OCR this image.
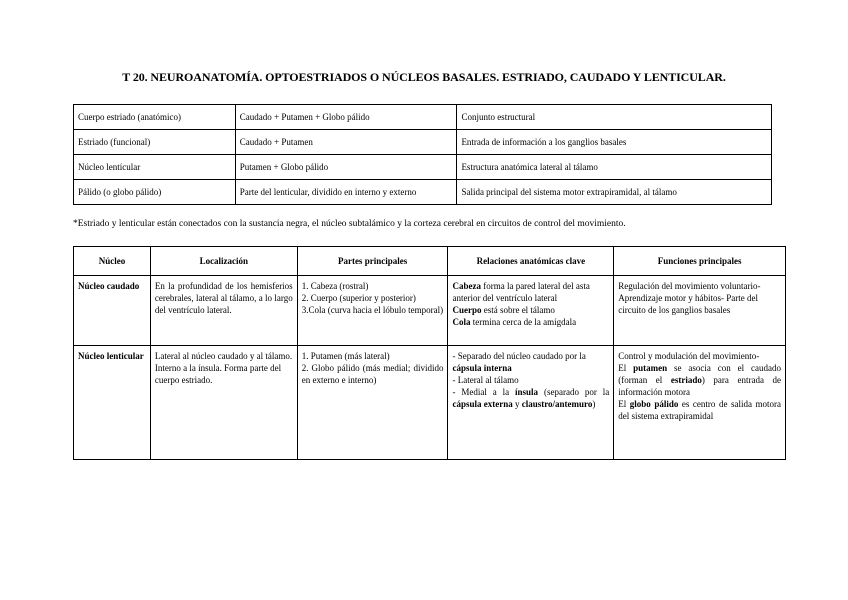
T 20. NEUROANATOMÍA. OPTOESTRIADOS O NÚCLEOS BASALES. ESTRIADO, CAUDADO Y LENTICULAR.
Cuerpo estriado (anatómico)	Caudado + Putamen + Globo pálido	Conjunto estructural
Estriado (funcional)	Caudado + Putamen	Entrada de información a los ganglios basales
Núcleo lentícular	Putamen + Globo pálido	Estructura anatómica lateral al tálamo
Pálido (o globo pálido)	Parte del lenticular, dividido en interno y externo	Salida principal del sistema motor extrapiramidal, al tálamo
*Estriado y lenticular están conectados con la sustancia negra, el núcleo subtalámico y la corteza cerebral en circuitos de control del movimiento.
Núcleo	Localización	Partes principales	Relaciones anatómicas clave	Funciones principales
Núcleo caudado	En la profundidad de los hemisferios cerebrales, lateral al tálamo, a lo largo del ventrículo lateral.	1. Cabeza (rostral)
2. Cuerpo (superior y posterior)
3.Cola (curva hacia el lóbulo temporal)	Cabeza forma la pared lateral del asta anterior del ventrículo lateral
Cuerpo está sobre el tálamo
Cola termina cerca de la amígdala	Regulación del movimiento voluntario- Aprendizaje motor y hábitos- Parte del circuito de los ganglios basales
Núcleo lenticular	Lateral al núcleo caudado y al tálamo. Interno a la ínsula. Forma parte del cuerpo estriado.	1. Putamen (más lateral)
2. Globo pálido (más medial; dividido en externo e interno)	- Separado del núcleo caudado por la cápsula interna
- Lateral al tálamo
- Medial a la ínsula (separado por la cápsula externa y claustro/antemuro)	Control y modulación del movimiento-
El putamen se asocia con el caudado (forman el estriado) para entrada de información motora
El globo pálido es centro de salida motora del sistema extrapiramidal
